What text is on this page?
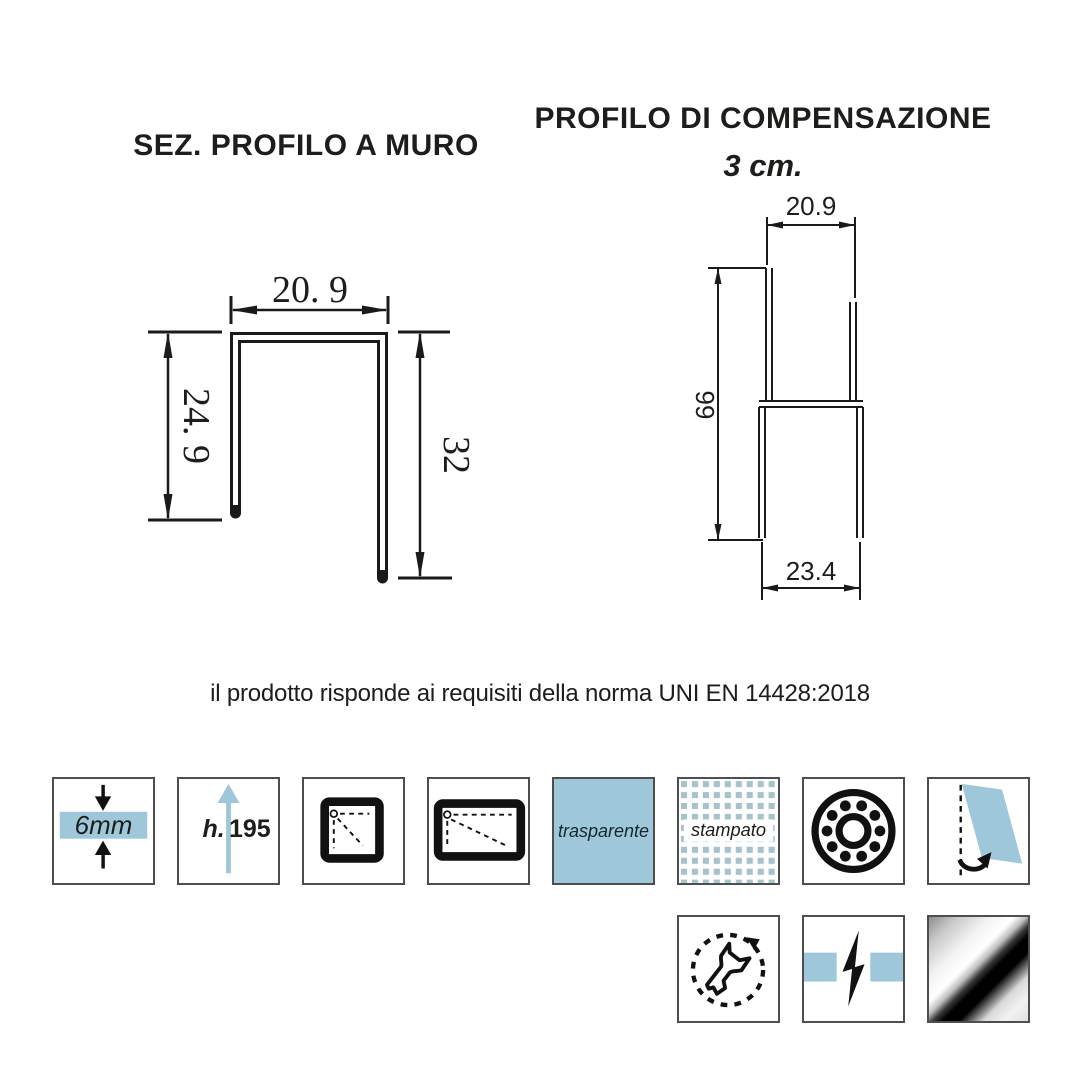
SEZ. PROFILO A MURO
PROFILO DI COMPENSAZIONE
3 cm.
20. 9
24. 9	32
20.9
66
23.4
il prodotto risponde ai requisiti della norma UNI EN 14428:2018
6mm	h. 195	trasparente stampato
